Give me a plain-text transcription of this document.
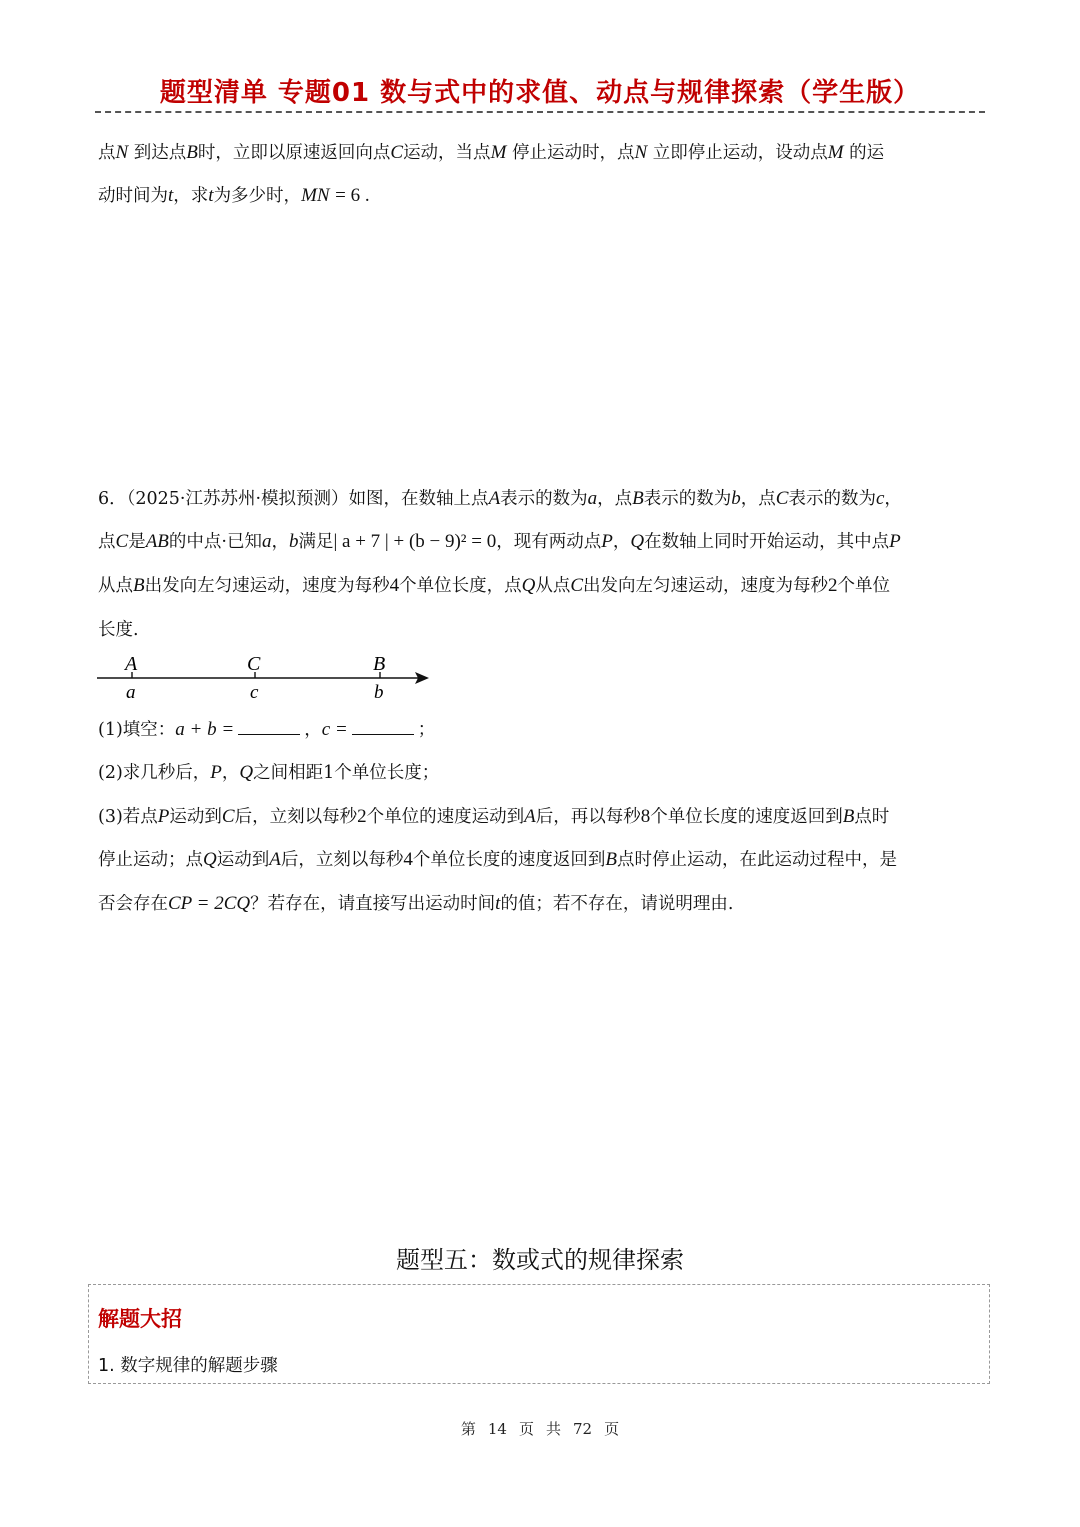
题型清单 专题01 数与式中的求值、动点与规律探索（学生版）
点N 到达点B时，立即以原速返回向点C运动，当点M 停止运动时，点N 立即停止运动，设动点M 的运
动时间为t，求t为多少时，MN = 6 .
6．（2025·江苏苏州·模拟预测）如图，在数轴上点A表示的数为a，点B表示的数为b，点C表示的数为c，
点C是AB的中点·已知a，b满足| a + 7 | + (b − 9)² = 0，现有两动点P，Q在数轴上同时开始运动，其中点P
从点B出发向左匀速运动，速度为每秒4个单位长度，点Q从点C出发向左匀速运动，速度为每秒2个单位
长度.
A	C	B
a	c	b
(1)填空：a + b =	，c =	；
(2)求几秒后，P，Q之间相距1个单位长度；
(3)若点P运动到C后，立刻以每秒2个单位的速度运动到A后，再以每秒8个单位长度的速度返回到B点时
停止运动；点Q运动到A后，立刻以每秒4个单位长度的速度返回到B点时停止运动，在此运动过程中，是
否会存在CP = 2CQ？若存在，请直接写出运动时间t的值；若不存在，请说明理由.
题型五：数或式的规律探索
解题大招
1. 数字规律的解题步骤
第 14 页 共 72 页
